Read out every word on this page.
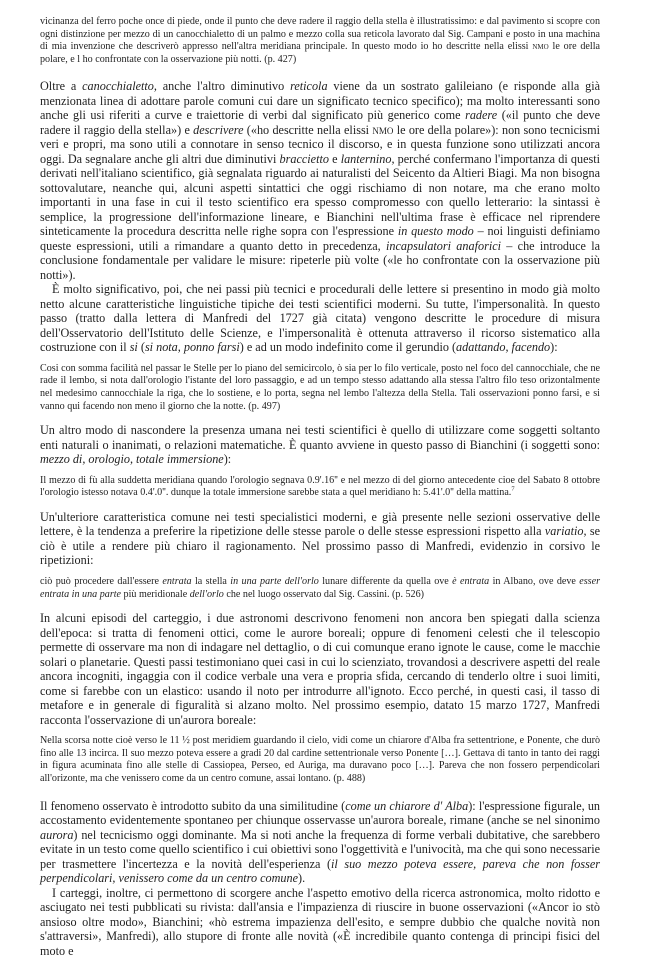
vicinanza del ferro poche once di piede, onde il punto che deve radere il raggio della stella è illustratissimo: e dal pavimento si scopre con ogni distinzione per mezzo di un canocchialetto di un palmo e mezzo colla sua reticola lavorato dal Sig. Campani e posto in una machina di mia invenzione che descriverò appresso nell'altra meridiana principale. In questo modo io ho descritte nella elissi nmo le ore della polare, e l ho confrontate con la osservazione più notti. (p. 427)

Oltre a canocchialetto, anche l'altro diminutivo reticola viene da un sostrato galileiano (e risponde alla già menzionata linea di adottare parole comuni cui dare un significato tecnico specifico); ma molto interessanti sono anche gli usi riferiti a curve e traiettorie di verbi dal significato più generico come radere («il punto che deve radere il raggio della stella») e descrivere («ho descritte nella elissi nmo le ore della polare»): non sono tecnicismi veri e propri, ma sono utili a connotare in senso tecnico il discorso, e in questa funzione sono utilizzati ancora oggi. Da segnalare anche gli altri due diminutivi braccietto e lanternino, perché confermano l'importanza di questi derivati nell'italiano scientifico, già segnalata riguardo ai naturalisti del Seicento da Altieri Biagi. Ma non bisogna sottovalutare, neanche qui, alcuni aspetti sintattici che oggi rischiamo di non notare, ma che erano molto importanti in una fase in cui il testo scientifico era spesso compromesso con quello letterario: la sintassi è semplice, la progressione dell'informazione lineare, e Bianchini nell'ultima frase è efficace nel riprendere sinteticamente la procedura descritta nelle righe sopra con l'espressione in questo modo – noi linguisti definiamo queste espressioni, utili a rimandare a quanto detto in precedenza, incapsulatori anaforici – che introduce la conclusione fondamentale per validare le misure: ripeterle più volte («le ho confrontate con la osservazione più notti»).

È molto significativo, poi, che nei passi più tecnici e procedurali delle lettere si presentino in modo già molto netto alcune caratteristiche linguistiche tipiche dei testi scientifici moderni. Su tutte, l'impersonalità. In questo passo (tratto dalla lettera di Manfredi del 1727 già citata) vengono descritte le procedure di misura dell'Osservatorio dell'Istituto delle Scienze, e l'impersonalità è ottenuta attraverso il ricorso sistematico alla costruzione con il si (si nota, ponno farsi) e ad un modo indefinito come il gerundio (adattando, facendo):

Cosi con somma facilità nel passar le Stelle per lo piano del semicircolo, ò sia per lo filo verticale, posto nel foco del cannocchiale, che ne rade il lembo, si nota dall'orologio l'istante del loro passaggio, e ad un tempo stesso adattando alla stessa l'altro filo teso orizontalmente nel medesimo cannocchiale la riga, che lo sostiene, e lo porta, segna nel lembo l'altezza della Stella. Tali osservazioni ponno farsi, e si vanno qui facendo non meno il giorno che la notte. (p. 497)

Un altro modo di nascondere la presenza umana nei testi scientifici è quello di utilizzare come soggetti soltanto enti naturali o inanimati, o relazioni matematiche. È quanto avviene in questo passo di Bianchini (i soggetti sono: mezzo di, orologio, totale immersione):

Il mezzo di fù alla suddetta meridiana quando l'orologio segnava 0.9'.16'' e nel mezzo di del giorno antecedente cioe del Sabato 8 ottobre l'orologio istesso notava 0.4'.0''. dunque la totale immersione sarebbe stata a quel meridiano h: 5.41'.0'' della mattina.$^7$

Un'ulteriore caratteristica comune nei testi specialistici moderni, e già presente nelle sezioni osservative delle lettere, è la tendenza a preferire la ripetizione delle stesse parole o delle stesse espressioni rispetto alla variatio, se ciò è utile a rendere più chiaro il ragionamento. Nel prossimo passo di Manfredi, evidenzio in corsivo le ripetizioni:

ciò può procedere dall'essere entrata la stella in una parte dell'orlo lunare differente da quella ove è entrata in Albano, ove deve esser entrata in una parte più meridionale dell'orlo che nel luogo osservato dal Sig. Cassini. (p. 526)

In alcuni episodi del carteggio, i due astronomi descrivono fenomeni non ancora ben spiegati dalla scienza dell'epoca: si tratta di fenomeni ottici, come le aurore boreali; oppure di fenomeni celesti che il telescopio permette di osservare ma non di indagare nel dettaglio, o di cui comunque erano ignote le cause, come le macchie solari o planetarie. Questi passi testimoniano quei casi in cui lo scienziato, trovandosi a descrivere aspetti del reale ancora incogniti, ingaggia con il codice verbale una vera e propria sfida, cercando di tenderlo oltre i suoi limiti, come si farebbe con un elastico: usando il noto per introdurre all'ignoto. Ecco perché, in questi casi, il tasso di metafore e in generale di figuralità si alzano molto. Nel prossimo esempio, datato 15 marzo 1727, Manfredi racconta l'osservazione di un'aurora boreale:

Nella scorsa notte cioè verso le 11 ½ post meridiem guardando il cielo, vidi come un chiarore d'Alba fra settentrione, e Ponente, che durò fino alle 13 incirca. Il suo mezzo poteva essere a gradi 20 dal cardine settentrionale verso Ponente […]. Gettava di tanto in tanto dei raggi in figura acuminata fino alle stelle di Cassiopea, Perseo, ed Auriga, ma duravano poco […]. Pareva che non fossero perpendicolari all'orizonte, ma che venissero come da un centro comune, assai lontano. (p. 488)

Il fenomeno osservato è introdotto subito da una similitudine (come un chiarore d' Alba): l'espressione figurale, un accostamento evidentemente spontaneo per chiunque osservasse un'aurora boreale, rimane (anche se nel sinonimo aurora) nel tecnicismo oggi dominante. Ma si noti anche la frequenza di forme verbali dubitative, che sarebbero evitate in un testo come quello scientifico i cui obiettivi sono l'oggettività e l'univocità, ma che qui sono necessarie per trasmettere l'incertezza e la novità dell'esperienza (il suo mezzo poteva essere, pareva che non fosser perpendicolari, venissero come da un centro comune).

I carteggi, inoltre, ci permettono di scorgere anche l'aspetto emotivo della ricerca astronomica, molto ridotto e asciugato nei testi pubblicati su rivista: dall'ansia e l'impazienza di riuscire in buone osservazioni («Ancor io stò ansioso oltre modo», Bianchini; «hò estrema impazienza dell'esito, e sempre dubbio che qualche novità non s'attraversi», Manfredi), allo stupore di fronte alle novità («È incredibile quanto contenga di principi fisici del moto e
